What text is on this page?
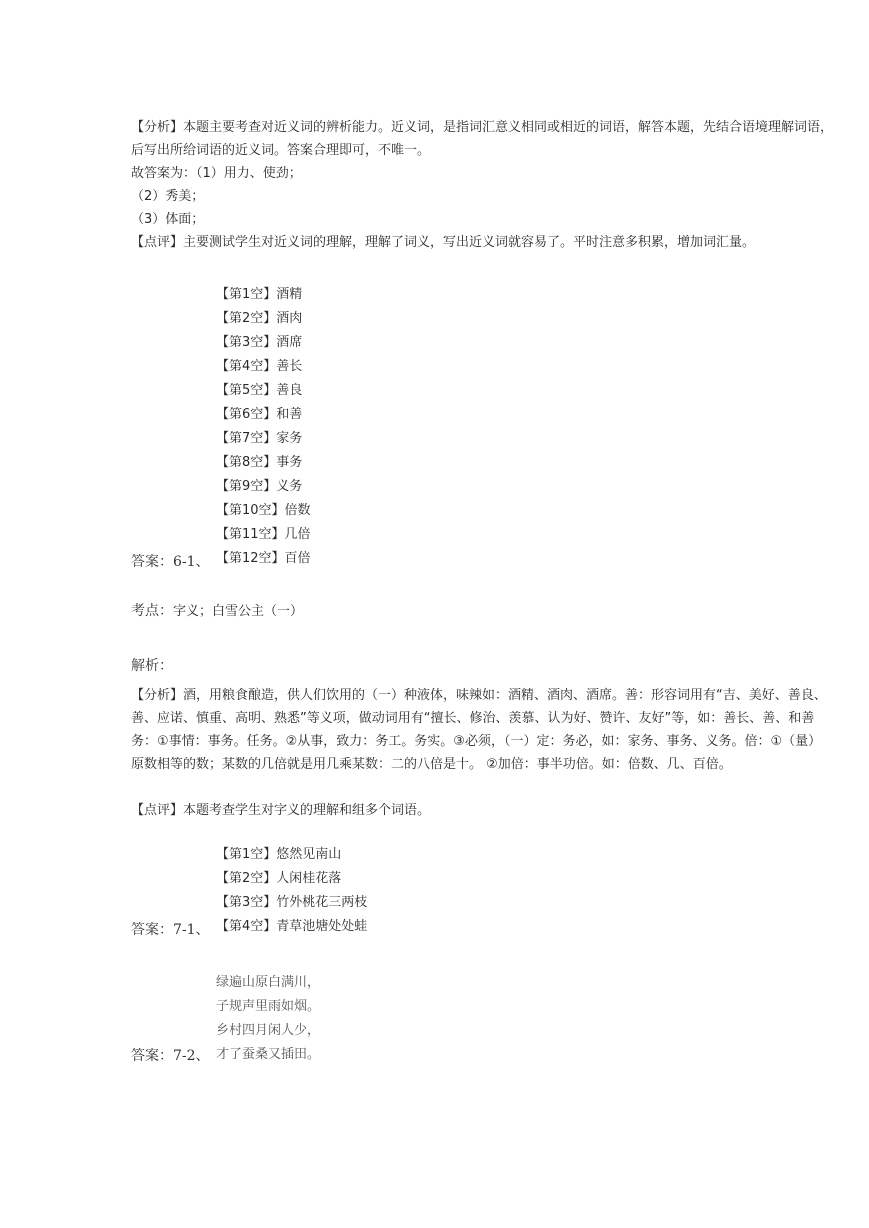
【分析】本题主要考查对近义词的辨析能力。近义词，是指词汇意义相同或相近的词语，解答本题，先结合语境理解词语，
后写出所给词语的近义词。答案合理即可，不唯一。
故答案为：（1）用力、使劲；
（2）秀美；
（3）体面；
【点评】主要测试学生对近义词的理解，理解了词义，写出近义词就容易了。平时注意多积累，增加词汇量。
【第1空】酒精
【第2空】酒肉
【第3空】酒席
【第4空】善长
【第5空】善良
【第6空】和善
【第7空】家务
【第8空】事务
【第9空】义务
【第10空】倍数
【第11空】几倍
【第12空】百倍
答案：6-1、
考点：字义；白雪公主（一）
解析：
【分析】酒，用粮食酿造，供人们饮用的（一）种液体，味辣如：酒精、酒肉、酒席。善：形容词用有“吉、美好、善良、
善、应诺、慎重、高明、熟悉”等义项，做动词用有“擅长、修治、羡慕、认为好、赞许、友好”等，如：善长、善、和善
务：①事情：事务。任务。②从事，致力：务工。务实。③必须，（一）定：务必，如：家务、事务、义务。倍：①（量）
原数相等的数；某数的几倍就是用几乘某数：二的八倍是十。 ②加倍：事半功倍。如：倍数、几、百倍。
【点评】本题考查学生对字义的理解和组多个词语。
【第1空】悠然见南山
【第2空】人闲桂花落
【第3空】竹外桃花三两枝
【第4空】青草池塘处处蛙
答案：7-1、
绿遍山原白满川，
子规声里雨如烟。
乡村四月闲人少，
才了蚕桑又插田。
答案：7-2、
